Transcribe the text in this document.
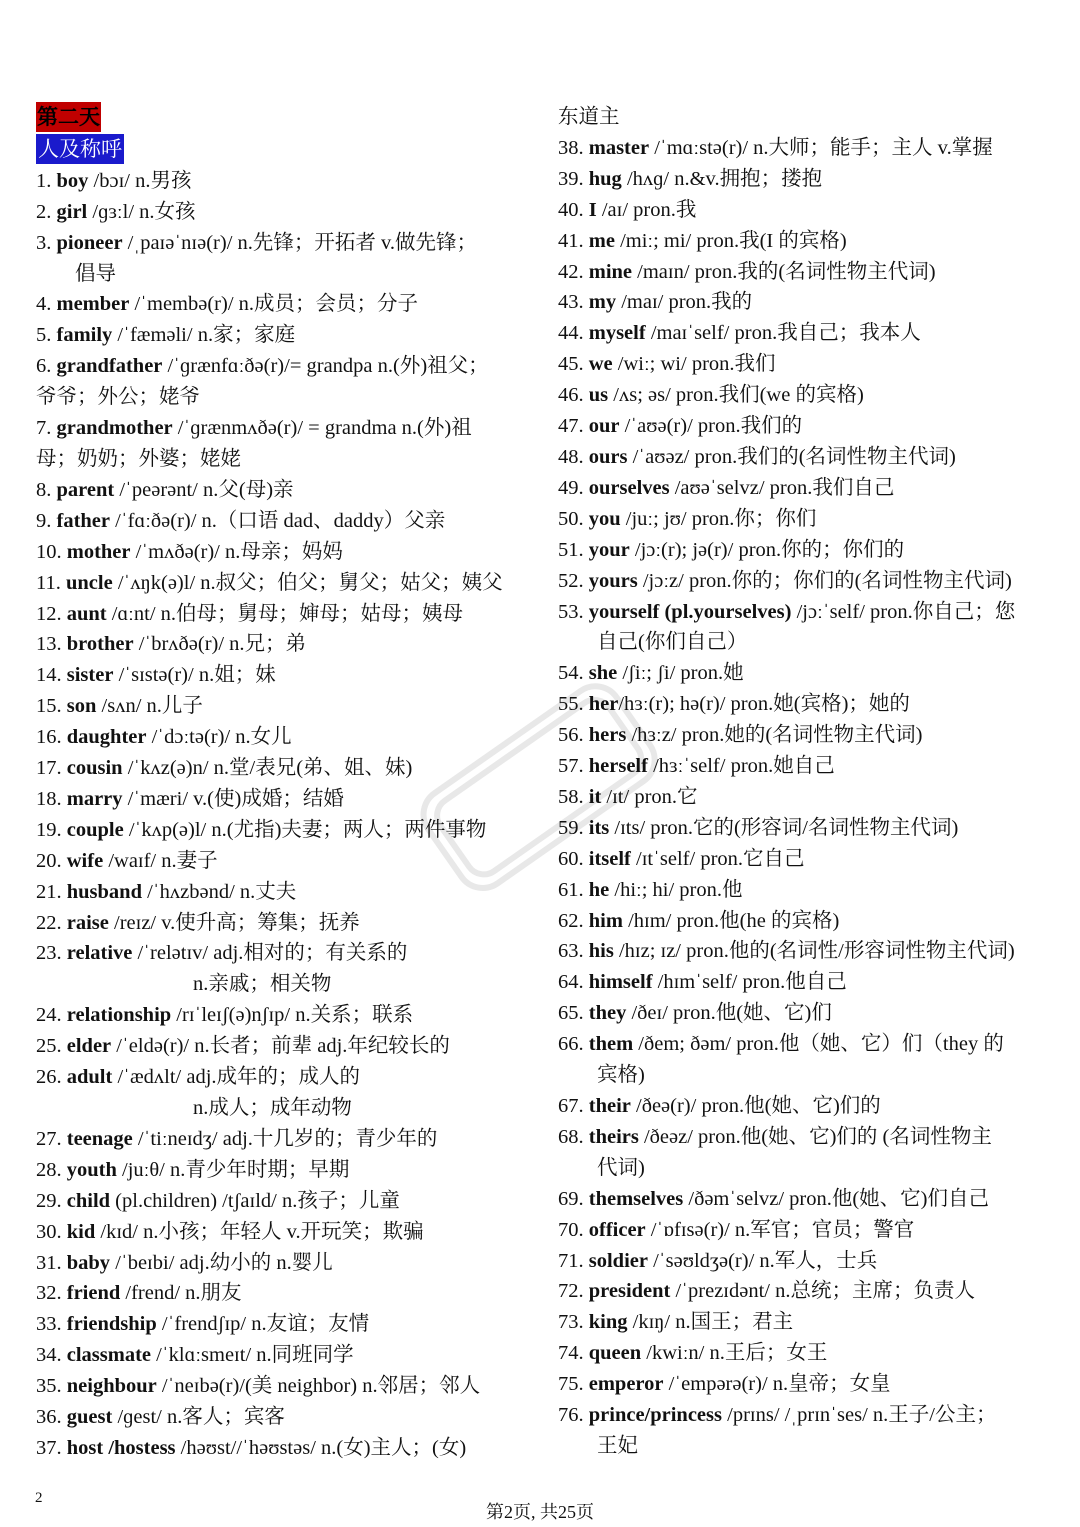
第二天
人及称呼
1. boy /bɔɪ/ n.男孩
2. girl /ɡɜːl/ n.女孩
3. pioneer /ˌpaɪəˈnɪə(r)/ n.先锋；开拓者 v.做先锋；
倡导
4. member /ˈmembə(r)/ n.成员；会员；分子
5. family /ˈfæməli/ n.家；家庭
6. grandfather /ˈɡrænfɑːðə(r)/= grandpa n.(外)祖父；
爷爷；外公；姥爷
7. grandmother /ˈɡrænmʌðə(r)/ = grandma n.(外)祖
母；奶奶；外婆；姥姥
8. parent /ˈpeərənt/ n.父(母)亲
9. father /ˈfɑːðə(r)/ n.（口语 dad、daddy）父亲
10. mother /ˈmʌðə(r)/ n.母亲；妈妈
11. uncle /ˈʌŋk(ə)l/ n.叔父；伯父；舅父；姑父；姨父
12. aunt /ɑːnt/ n.伯母；舅母；婶母；姑母；姨母
13. brother /ˈbrʌðə(r)/ n.兄；弟
14. sister /ˈsɪstə(r)/ n.姐；妹
15. son /sʌn/ n.儿子
16. daughter /ˈdɔːtə(r)/ n.女儿
17. cousin /ˈkʌz(ə)n/ n.堂/表兄(弟、姐、妹)
18. marry /ˈmæri/ v.(使)成婚；结婚
19. couple /ˈkʌp(ə)l/ n.(尤指)夫妻；两人；两件事物
20. wife /waɪf/ n.妻子
21. husband /ˈhʌzbənd/ n.丈夫
22. raise /reɪz/ v.使升高；筹集；抚养
23. relative /ˈrelətɪv/ adj.相对的；有关系的
n.亲戚；相关物
24. relationship /rɪˈleɪʃ(ə)nʃɪp/ n.关系；联系
25. elder /ˈeldə(r)/ n.长者；前辈 adj.年纪较长的
26. adult /ˈædʌlt/ adj.成年的；成人的
n.成人；成年动物
27. teenage /ˈtiːneɪdʒ/ adj.十几岁的；青少年的
28. youth /juːθ/ n.青少年时期；早期
29. child (pl.children) /tʃaɪld/ n.孩子；儿童
30. kid /kɪd/ n.小孩；年轻人 v.开玩笑；欺骗
31. baby /ˈbeɪbi/ adj.幼小的 n.婴儿
32. friend /frend/ n.朋友
33. friendship /ˈfrendʃɪp/ n.友谊；友情
34. classmate /ˈklɑːsmeɪt/ n.同班同学
35. neighbour /ˈneɪbə(r)/(美 neighbor) n.邻居；邻人
36. guest /ɡest/ n.客人；宾客
37. host /hostess /həʊst//ˈhəʊstəs/ n.(女)主人；(女)
东道主
38. master /ˈmɑːstə(r)/ n.大师；能手；主人 v.掌握
39. hug /hʌɡ/ n.&v.拥抱；搂抱
40. I /aɪ/ pron.我
41. me /miː; mi/ pron.我(I 的宾格)
42. mine /maɪn/ pron.我的(名词性物主代词)
43. my /maɪ/ pron.我的
44. myself /maɪˈself/ pron.我自己；我本人
45. we /wiː; wi/ pron.我们
46. us /ʌs; əs/ pron.我们(we 的宾格)
47. our /ˈaʊə(r)/ pron.我们的
48. ours /ˈaʊəz/ pron.我们的(名词性物主代词)
49. ourselves /aʊəˈselvz/ pron.我们自己
50. you /juː; jʊ/ pron.你；你们
51. your /jɔː(r); jə(r)/ pron.你的；你们的
52. yours /jɔːz/ pron.你的；你们的(名词性物主代词)
53. yourself (pl.yourselves) /jɔːˈself/ pron.你自己；您
自己(你们自己）
54. she /ʃiː; ʃi/ pron.她
55. her/hɜː(r); hə(r)/ pron.她(宾格)；她的
56. hers /hɜːz/ pron.她的(名词性物主代词)
57. herself /hɜːˈself/ pron.她自己
58. it /ɪt/ pron.它
59. its /ɪts/ pron.它的(形容词/名词性物主代词)
60. itself /ɪtˈself/ pron.它自己
61. he /hiː; hi/ pron.他
62. him /hɪm/ pron.他(he 的宾格)
63. his /hɪz; ɪz/ pron.他的(名词性/形容词性物主代词)
64. himself /hɪmˈself/ pron.他自己
65. they /ðeɪ/ pron.他(她、它)们
66. them /ðem; ðəm/ pron.他（她、它）们（they 的
宾格)
67. their /ðeə(r)/ pron.他(她、它)们的
68. theirs /ðeəz/ pron.他(她、它)们的 (名词性物主
代词)
69. themselves /ðəmˈselvz/ pron.他(她、它)们自己
70. officer /ˈɒfɪsə(r)/ n.军官；官员；警官
71. soldier /ˈsəʊldʒə(r)/ n.军人，士兵
72. president /ˈprezɪdənt/ n.总统；主席；负责人
73. king /kɪŋ/ n.国王；君主
74. queen /kwiːn/ n.王后；女王
75. emperor /ˈempərə(r)/ n.皇帝；女皇
76. prince/princess /prɪns/ /ˌprɪnˈses/ n.王子/公主；
王妃
2
第2页, 共25页
